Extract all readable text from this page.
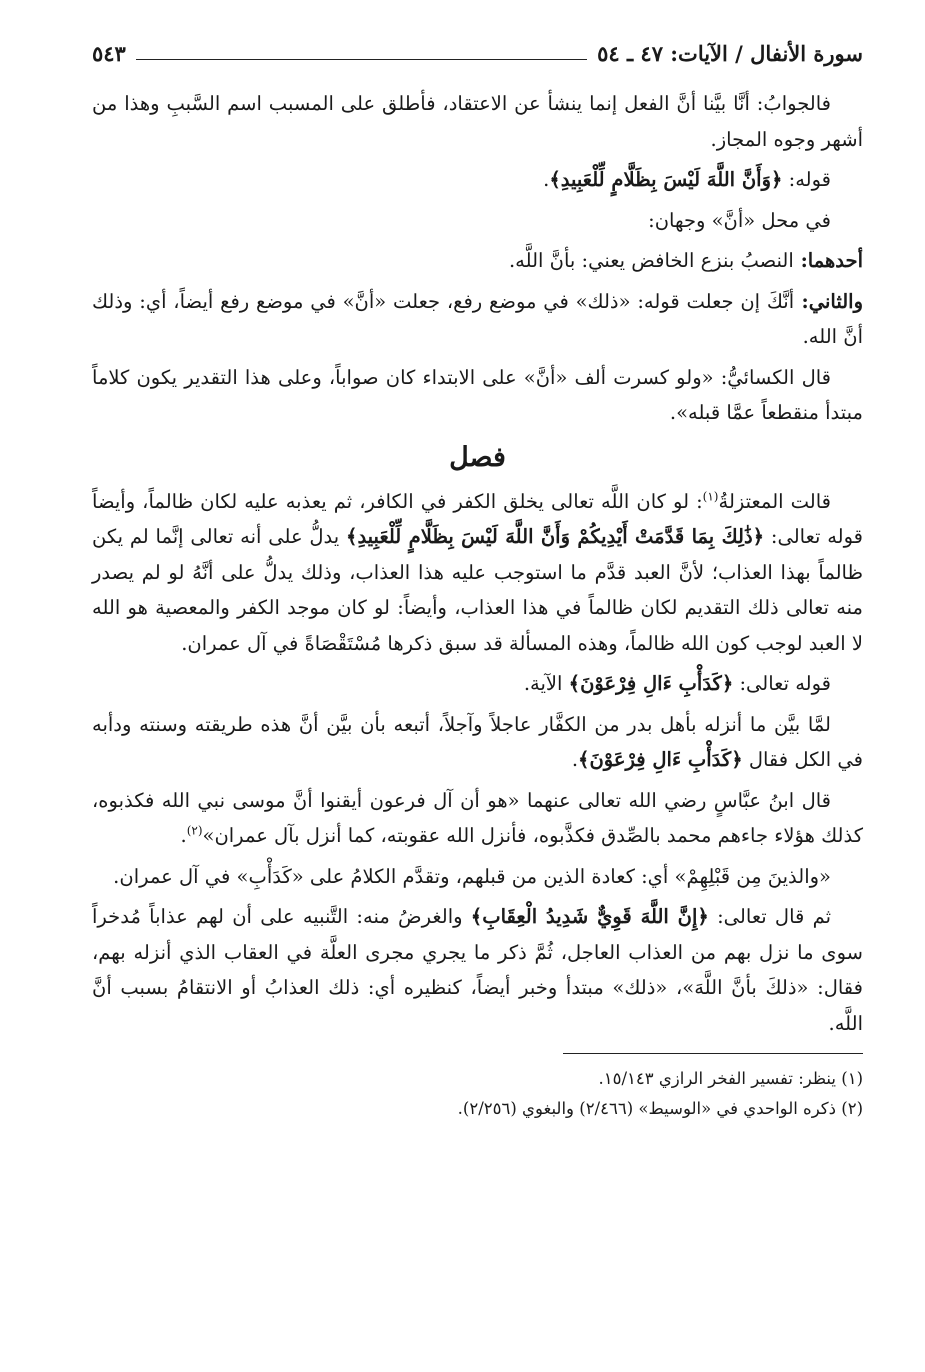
سورة الأنفال / الآيات: ٤٧ ـ ٥٤
٥٤٣

فالجوابُ: أنَّا بيَّنا أنَّ الفعل إنما ينشأ عن الاعتقاد، فأطلق على المسبب اسم السَّببِ وهذا من أشهر وجوه المجاز.

قوله: ﴿وَأَنَّ اللَّهَ لَيْسَ بِظَلَّامٍ لِّلْعَبِيدِ﴾.

في محل «أنَّ» وجهان:

أحدهما: النصبُ بنزع الخافض يعني: بأنَّ اللَّه.

والثاني: أنَّكَ إن جعلت قوله: «ذلك» في موضع رفع، جعلت «أنَّ» في موضع رفع أيضاً، أي: وذلك أنَّ الله.

قال الكسائيُّ: «ولو كسرت ألف «أنَّ» على الابتداء كان صواباً، وعلى هذا التقدير يكون كلاماً مبتدأ منقطعاً عمَّا قبله».

فصل

قالت المعتزلةُ$^{(١)}$: لو كان اللَّه تعالى يخلق الكفر في الكافر، ثم يعذبه عليه لكان ظالماً، وأيضاً قوله تعالى: ﴿ذَٰلِكَ بِمَا قَدَّمَتْ أَيْدِيكُمْ وَأَنَّ اللَّهَ لَيْسَ بِظَلَّامٍ لِّلْعَبِيدِ﴾ يدلُّ على أنه تعالى إنَّما لم يكن ظالماً بهذا العذاب؛ لأنَّ العبد قدَّم ما استوجب عليه هذا العذاب، وذلك يدلُّ على أنَّهُ لو لم يصدر منه تعالى ذلك التقديم لكان ظالماً في هذا العذاب، وأيضاً: لو كان موجد الكفر والمعصية هو الله لا العبد لوجب كون الله ظالماً، وهذه المسألة قد سبق ذكرها مُسْتَقْصَاةً في آل عمران.

قوله تعالى: ﴿كَدَأْبِ ءَالِ فِرْعَوْنَ﴾ الآية.

لمَّا بيَّن ما أنزله بأهل بدر من الكفَّار عاجلاً وآجلاً، أتبعه بأن بيَّن أنَّ هذه طريقته وسنته ودأبه في الكل فقال ﴿كَدَأْبِ ءَالِ فِرْعَوْنَ﴾.

قال ابنُ عبَّاسٍ رضي الله تعالى عنهما «هو أن آل فرعون أيقنوا أنَّ موسى نبي الله فكذبوه، كذلك هؤلاء جاءهم محمد بالصِّدق فكذَّبوه، فأنزل الله عقوبته، كما أنزل بآل عمران»$^{(٢)}$.

«والذينَ مِن قَبْلِهِمْ» أي: كعادة الذين من قبلهم، وتقدَّم الكلامُ على «كَدَأْبِ» في آل عمران.

ثم قال تعالى: ﴿إِنَّ اللَّهَ قَوِيٌّ شَدِيدُ الْعِقَابِ﴾ والغرضُ منه: التَّنبيه على أن لهم عذاباً مُدخراً سوى ما نزل بهم من العذاب العاجل، ثُمَّ ذكر ما يجري مجرى العلَّة في العقاب الذي أنزله بهم، فقال: «ذلكَ بأنَّ اللَّهَ»، «ذلك» مبتدأ وخبر أيضاً، كنظيره أي: ذلك العذابُ أو الانتقامُ بسبب أنَّ اللَّه.

(١) ينظر: تفسير الفخر الرازي ١٥/١٤٣.

(٢) ذكره الواحدي في «الوسيط» (٢/٤٦٦) والبغوي (٢/٢٥٦).
